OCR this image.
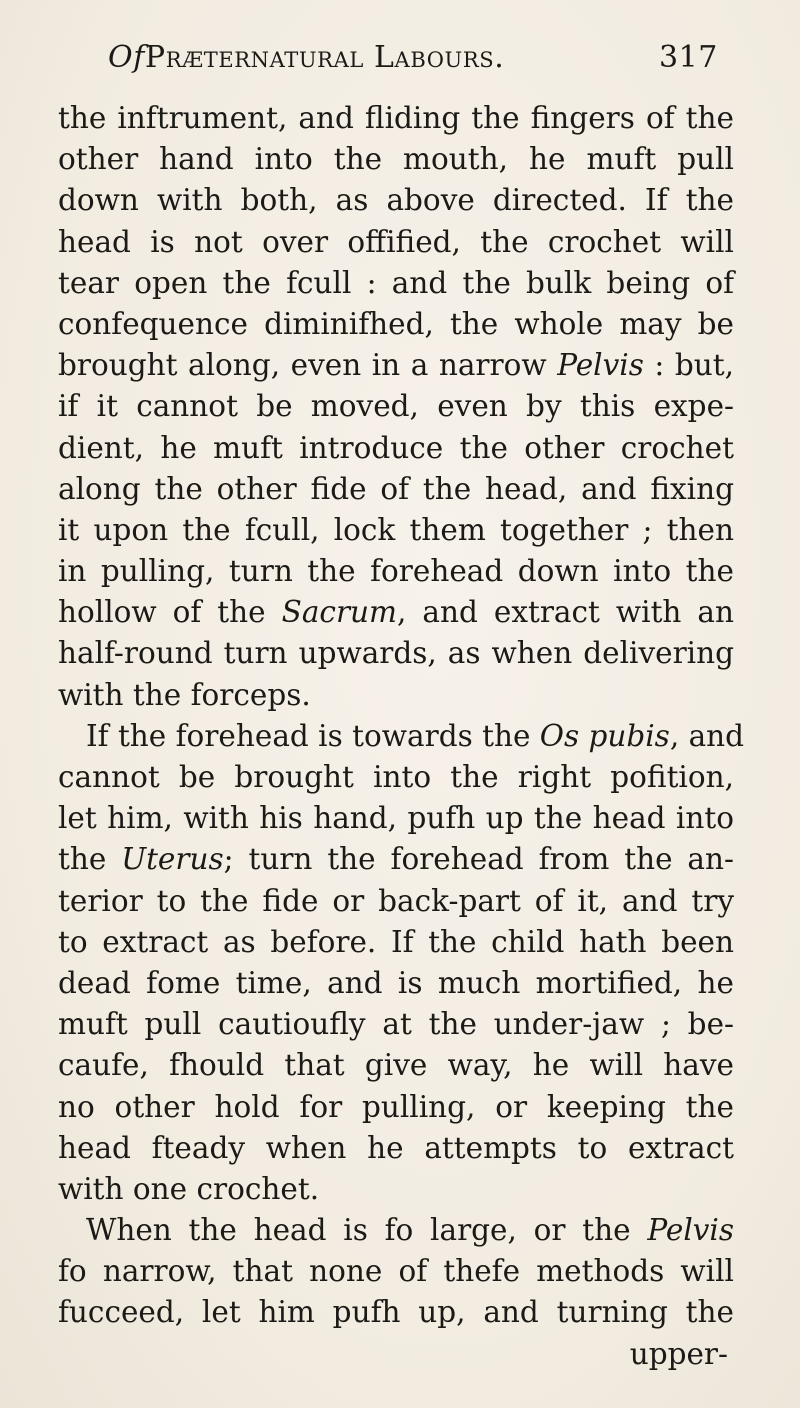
OfPræternatural Labours.	317
the inftrument, and fliding the fingers of the
other hand into the mouth, he muft pull
down with both, as above directed. If the
head is not over offified, the crochet will
tear open the fcull : and the bulk being of
confequence diminifhed, the whole may be
brought along, even in a narrow Pelvis : but,
if it cannot be moved, even by this expe-
dient, he muft introduce the other crochet
along the other fide of the head, and fixing
it upon the fcull, lock them together ; then
in pulling, turn the forehead down into the
hollow of the Sacrum, and extract with an
half-round turn upwards, as when delivering
with the forceps.
If the forehead is towards the Os pubis, and
cannot be brought into the right pofition,
let him, with his hand, pufh up the head into
the Uterus; turn the forehead from the an-
terior to the fide or back-part of it, and try
to extract as before. If the child hath been
dead fome time, and is much mortified, he
muft pull cautioufly at the under-jaw ; be-
caufe, fhould that give way, he will have
no other hold for pulling, or keeping the
head fteady when he attempts to extract
with one crochet.
When the head is fo large, or the Pelvis
fo narrow, that none of thefe methods will
fucceed, let him pufh up, and turning the
upper-
